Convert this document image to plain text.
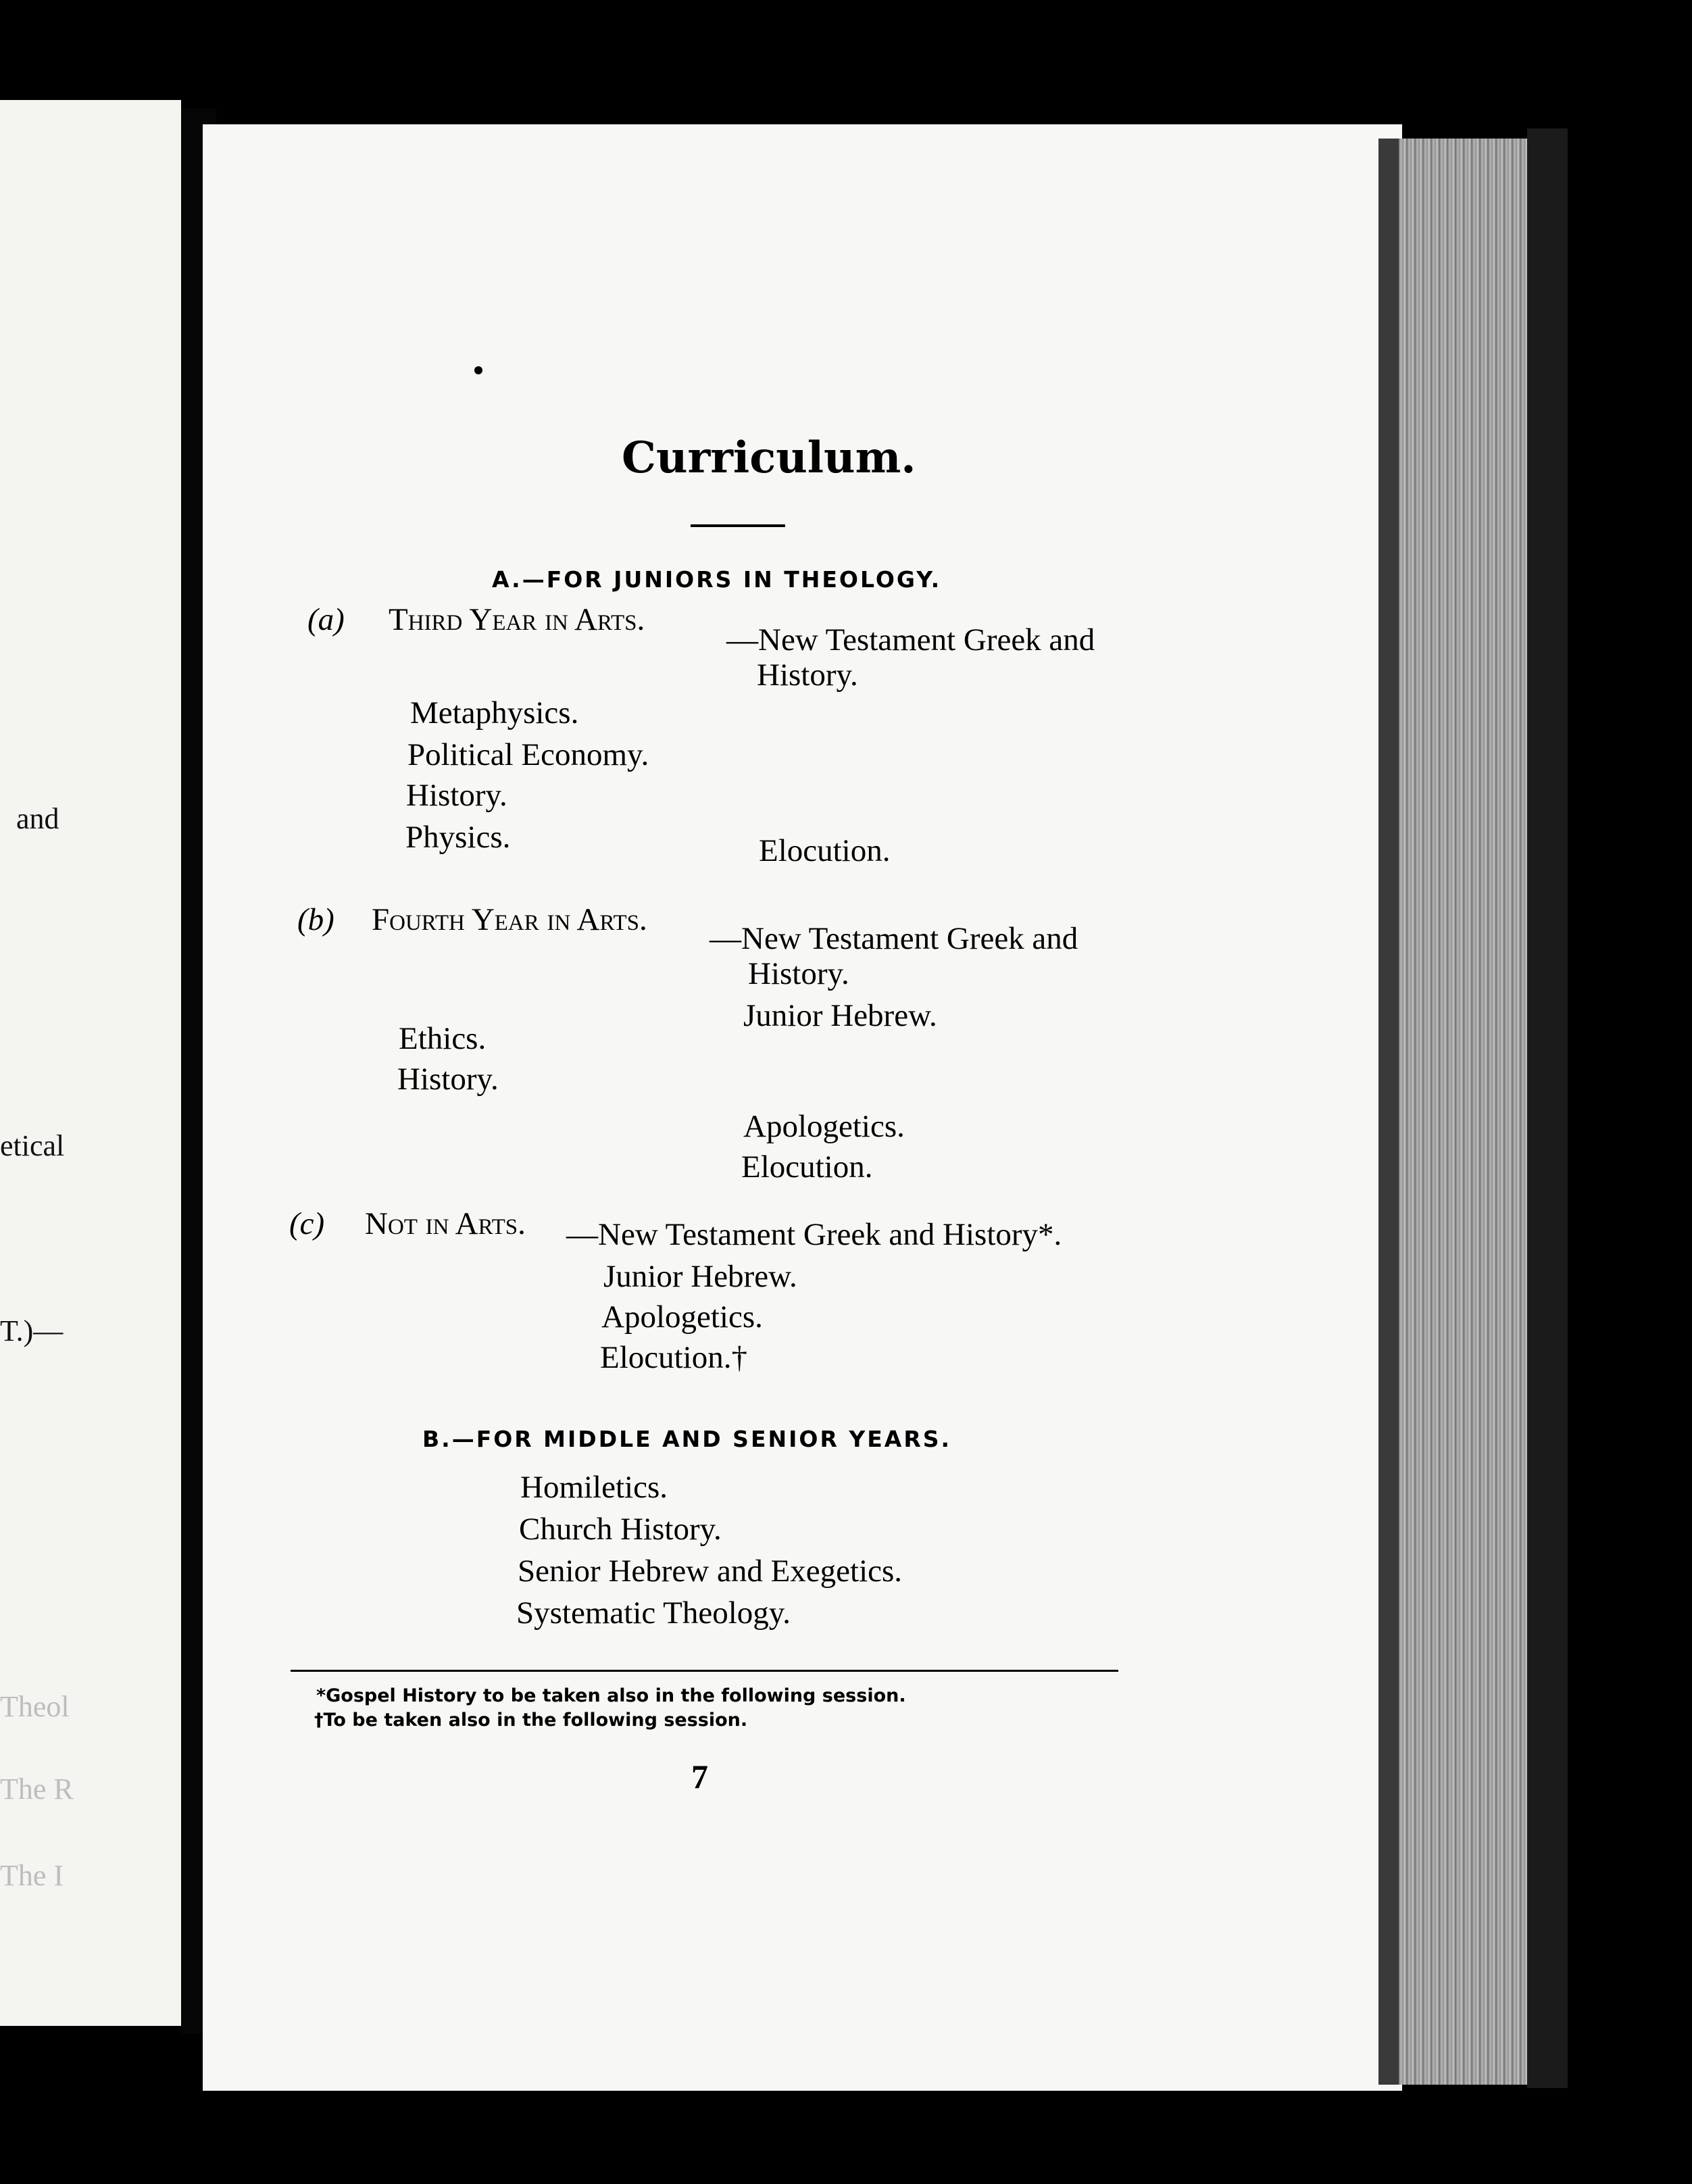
and
etical
T.)—
Theol
The R
The I
Curriculum.
A.—FOR JUNIORS IN THEOLOGY.
(a) Third Year in Arts.
—New Testament Greek and
History.
Metaphysics.
Political Economy.
History.
Physics.	Elocution.
(b) Fourth Year in Arts.
—New Testament Greek and
History.
Junior Hebrew.
Ethics.
History.
Apologetics.
Elocution.
(c) Not in Arts. —New Testament Greek and History*.
Junior Hebrew.
Apologetics.
Elocution.†
B.—FOR MIDDLE AND SENIOR YEARS.
Homiletics.
Church History.
Senior Hebrew and Exegetics.
Systematic Theology.
*Gospel History to be taken also in the following session.
†To be taken also in the following session.
7
